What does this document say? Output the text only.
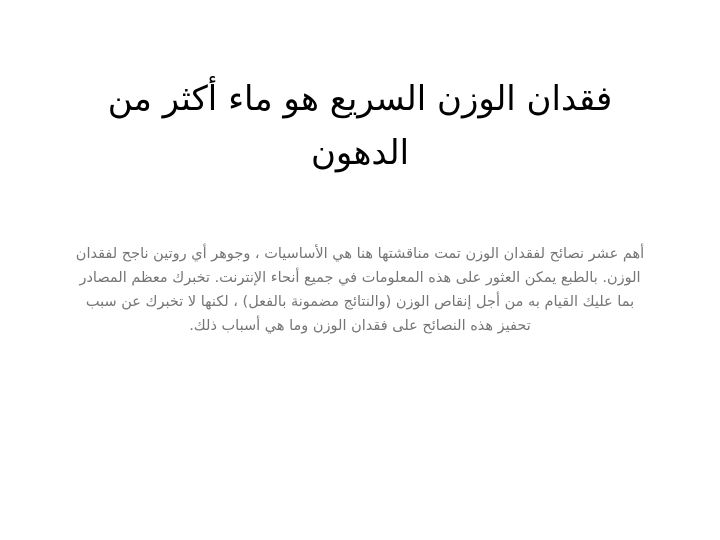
فقدان الوزن السريع هو ماء أكثر من الدهون

أهم عشر نصائح لفقدان الوزن تمت مناقشتها هنا هي الأساسيات ، وجوهر أي روتين ناجح لفقدان الوزن. بالطبع يمكن العثور على هذه المعلومات في جميع أنحاء الإنترنت. تخبرك معظم المصادر بما عليك القيام به من أجل إنقاص الوزن (والنتائج مضمونة بالفعل) ، لكنها لا تخبرك عن سبب تحفيز هذه النصائح على فقدان الوزن وما هي أسباب ذلك.
